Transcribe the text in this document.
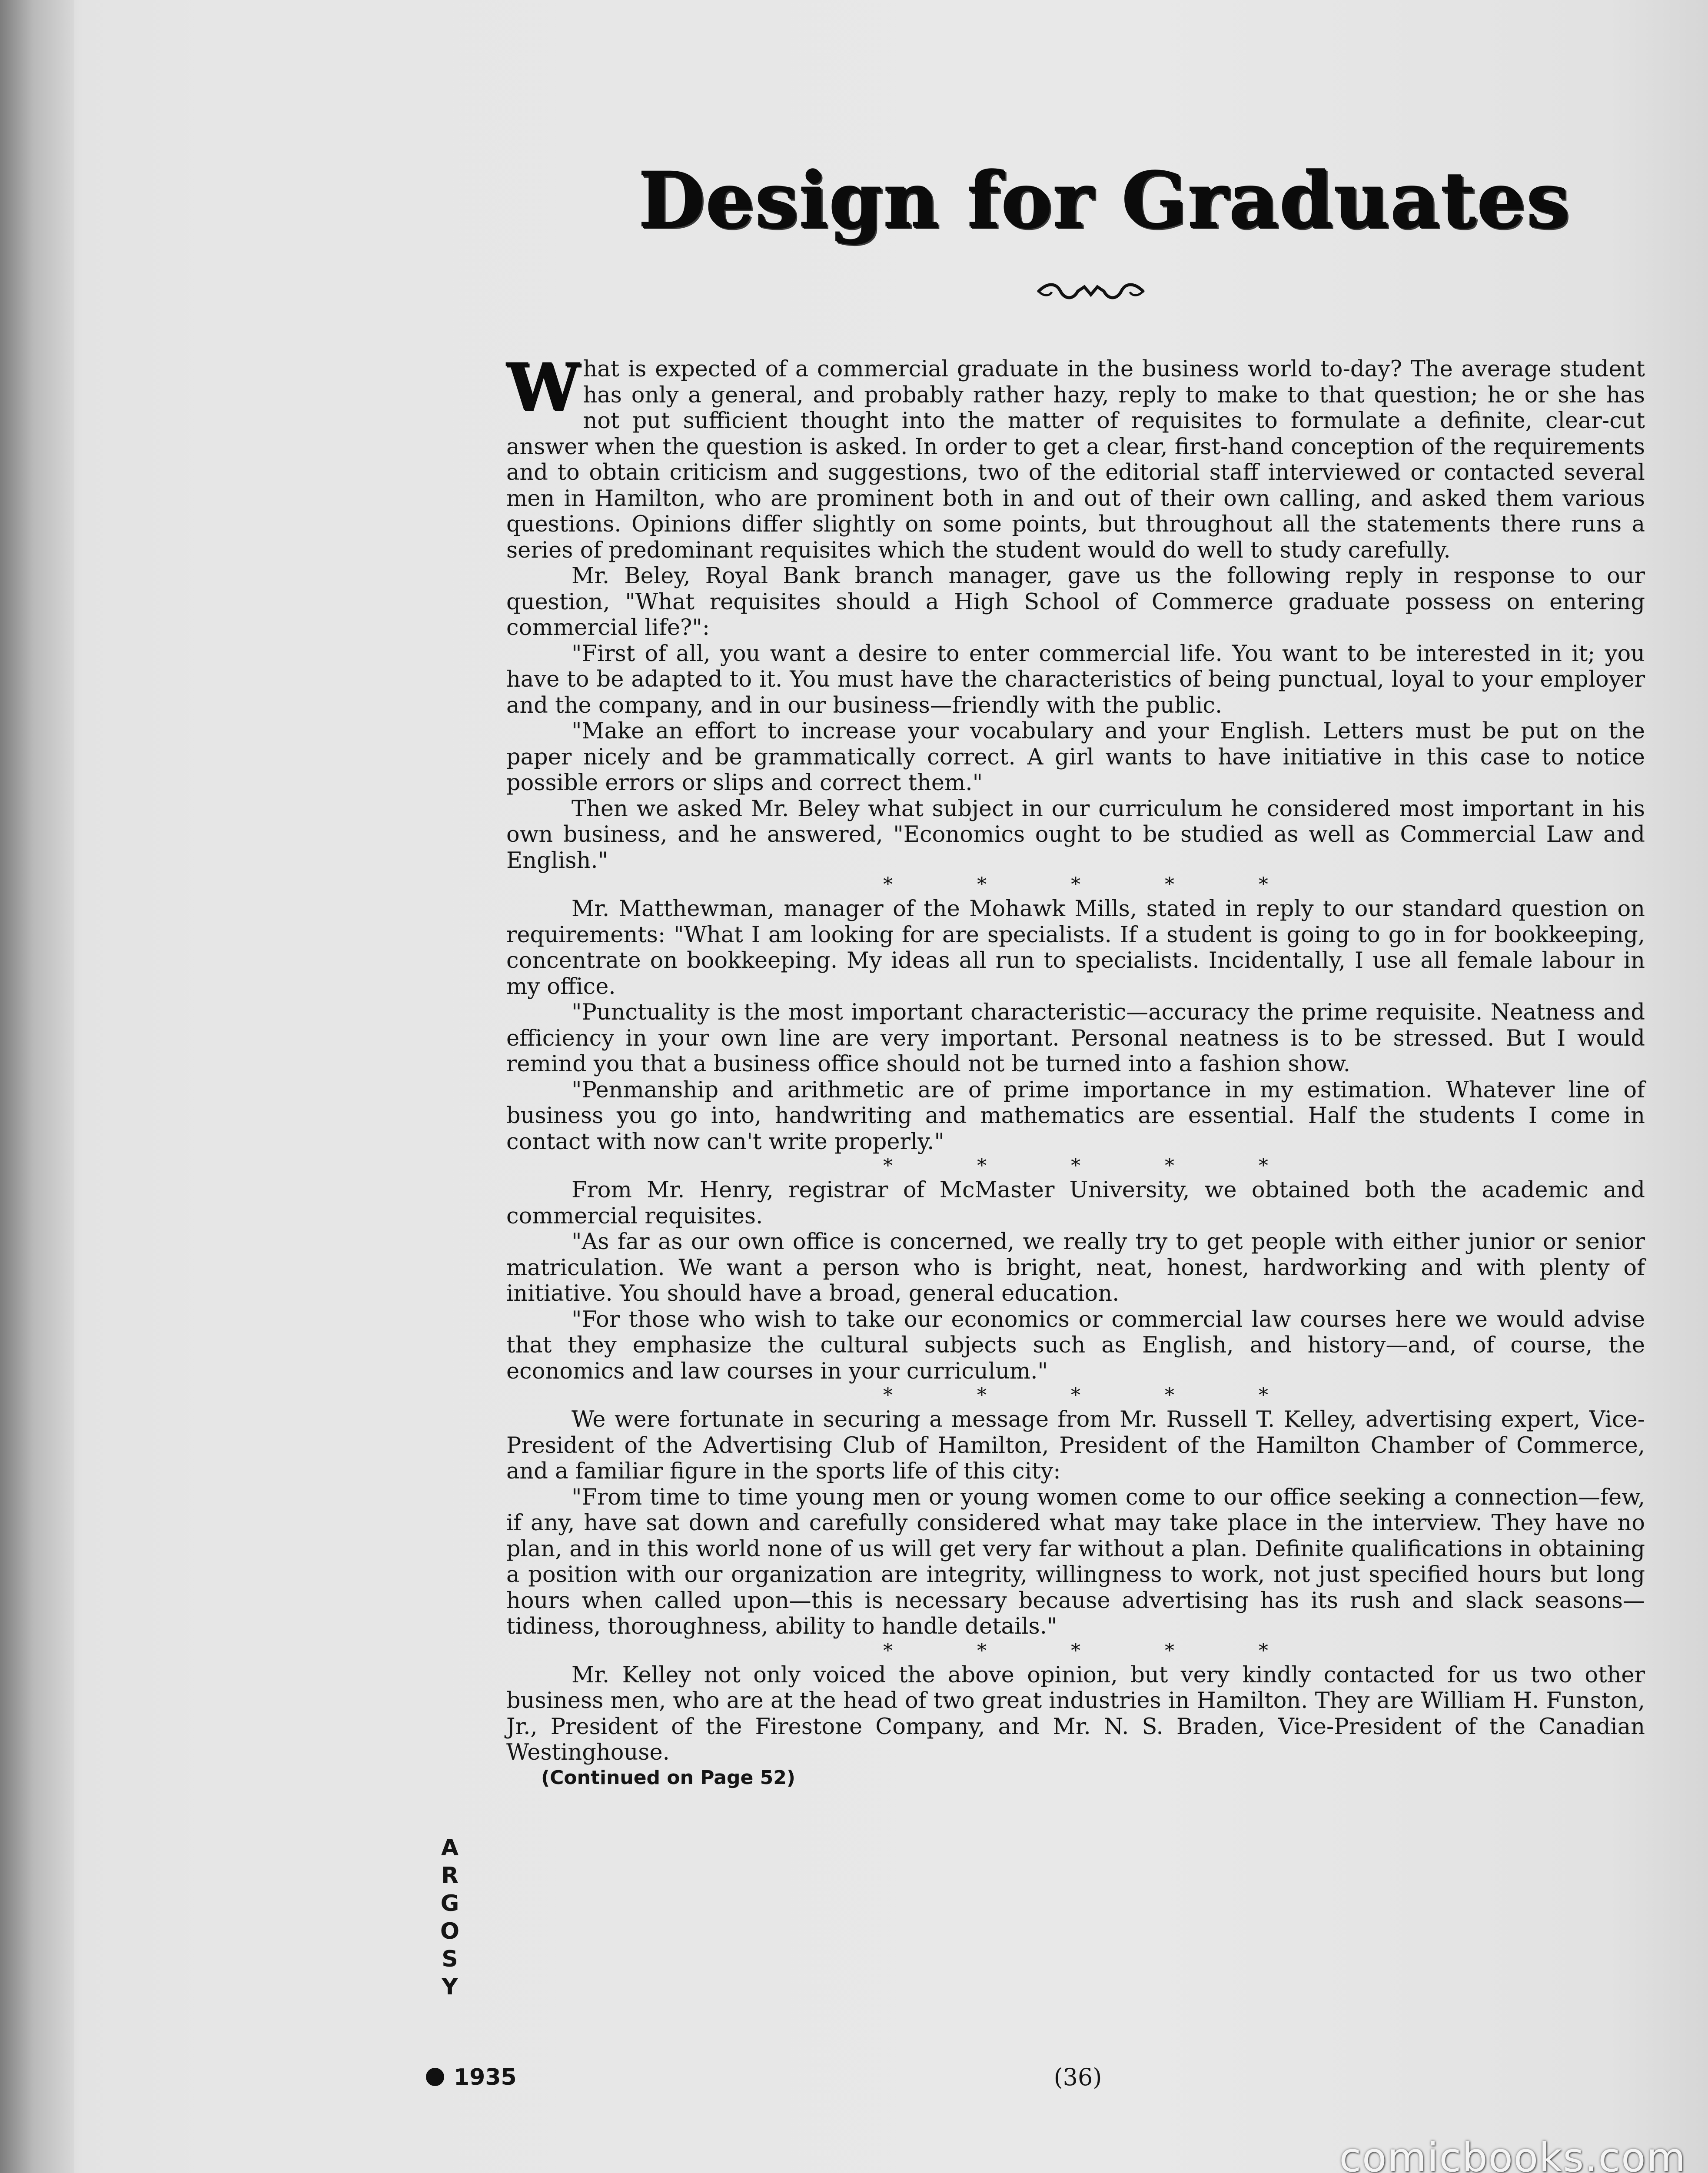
Design for Graduates

What is expected of a commercial graduate in the business world to-day? The average student has only a general, and probably rather hazy, reply to make to that question; he or she has not put sufficient thought into the matter of requisites to formulate a definite, clear-cut answer when the question is asked. In order to get a clear, first-hand conception of the requirements and to obtain criticism and suggestions, two of the editorial staff interviewed or contacted several men in Hamilton, who are prominent both in and out of their own calling, and asked them various questions. Opinions differ slightly on some points, but throughout all the statements there runs a series of predominant requisites which the student would do well to study carefully.

Mr. Beley, Royal Bank branch manager, gave us the following reply in response to our question, "What requisites should a High School of Commerce graduate possess on entering commercial life?":

"First of all, you want a desire to enter commercial life. You want to be interested in it; you have to be adapted to it. You must have the characteristics of being punctual, loyal to your employer and the company, and in our business—friendly with the public.

"Make an effort to increase your vocabulary and your English. Letters must be put on the paper nicely and be grammatically correct. A girl wants to have initiative in this case to notice possible errors or slips and correct them."

Then we asked Mr. Beley what subject in our curriculum he considered most important in his own business, and he answered, "Economics ought to be studied as well as Commercial Law and English."

* * * * *

Mr. Matthewman, manager of the Mohawk Mills, stated in reply to our standard question on requirements: "What I am looking for are specialists. If a student is going to go in for bookkeeping, concentrate on bookkeeping. My ideas all run to specialists. Incidentally, I use all female labour in my office.

"Punctuality is the most important characteristic—accuracy the prime requisite. Neatness and efficiency in your own line are very important. Personal neatness is to be stressed. But I would remind you that a business office should not be turned into a fashion show.

"Penmanship and arithmetic are of prime importance in my estimation. Whatever line of business you go into, handwriting and mathematics are essential. Half the students I come in contact with now can't write properly."

* * * * *

From Mr. Henry, registrar of McMaster University, we obtained both the academic and commercial requisites.

"As far as our own office is concerned, we really try to get people with either junior or senior matriculation. We want a person who is bright, neat, honest, hardworking and with plenty of initiative. You should have a broad, general education.

"For those who wish to take our economics or commercial law courses here we would advise that they emphasize the cultural subjects such as English, and history—and, of course, the economics and law courses in your curriculum."

* * * * *

We were fortunate in securing a message from Mr. Russell T. Kelley, advertising expert, Vice-President of the Advertising Club of Hamilton, President of the Hamilton Chamber of Commerce, and a familiar figure in the sports life of this city:

"From time to time young men or young women come to our office seeking a connection—few, if any, have sat down and carefully considered what may take place in the interview. They have no plan, and in this world none of us will get very far without a plan. Definite qualifications in obtaining a position with our organization are integrity, willingness to work, not just specified hours but long hours when called upon—this is necessary because advertising has its rush and slack seasons—tidiness, thoroughness, ability to handle details."

* * * * *

Mr. Kelley not only voiced the above opinion, but very kindly contacted for us two other business men, who are at the head of two great industries in Hamilton. They are William H. Funston, Jr., President of the Firestone Company, and Mr. N. S. Braden, Vice-President of the Canadian Westinghouse.

(Continued on Page 52)
A
R
G
O
S
Y
1935	(36)
comicbooks.com
